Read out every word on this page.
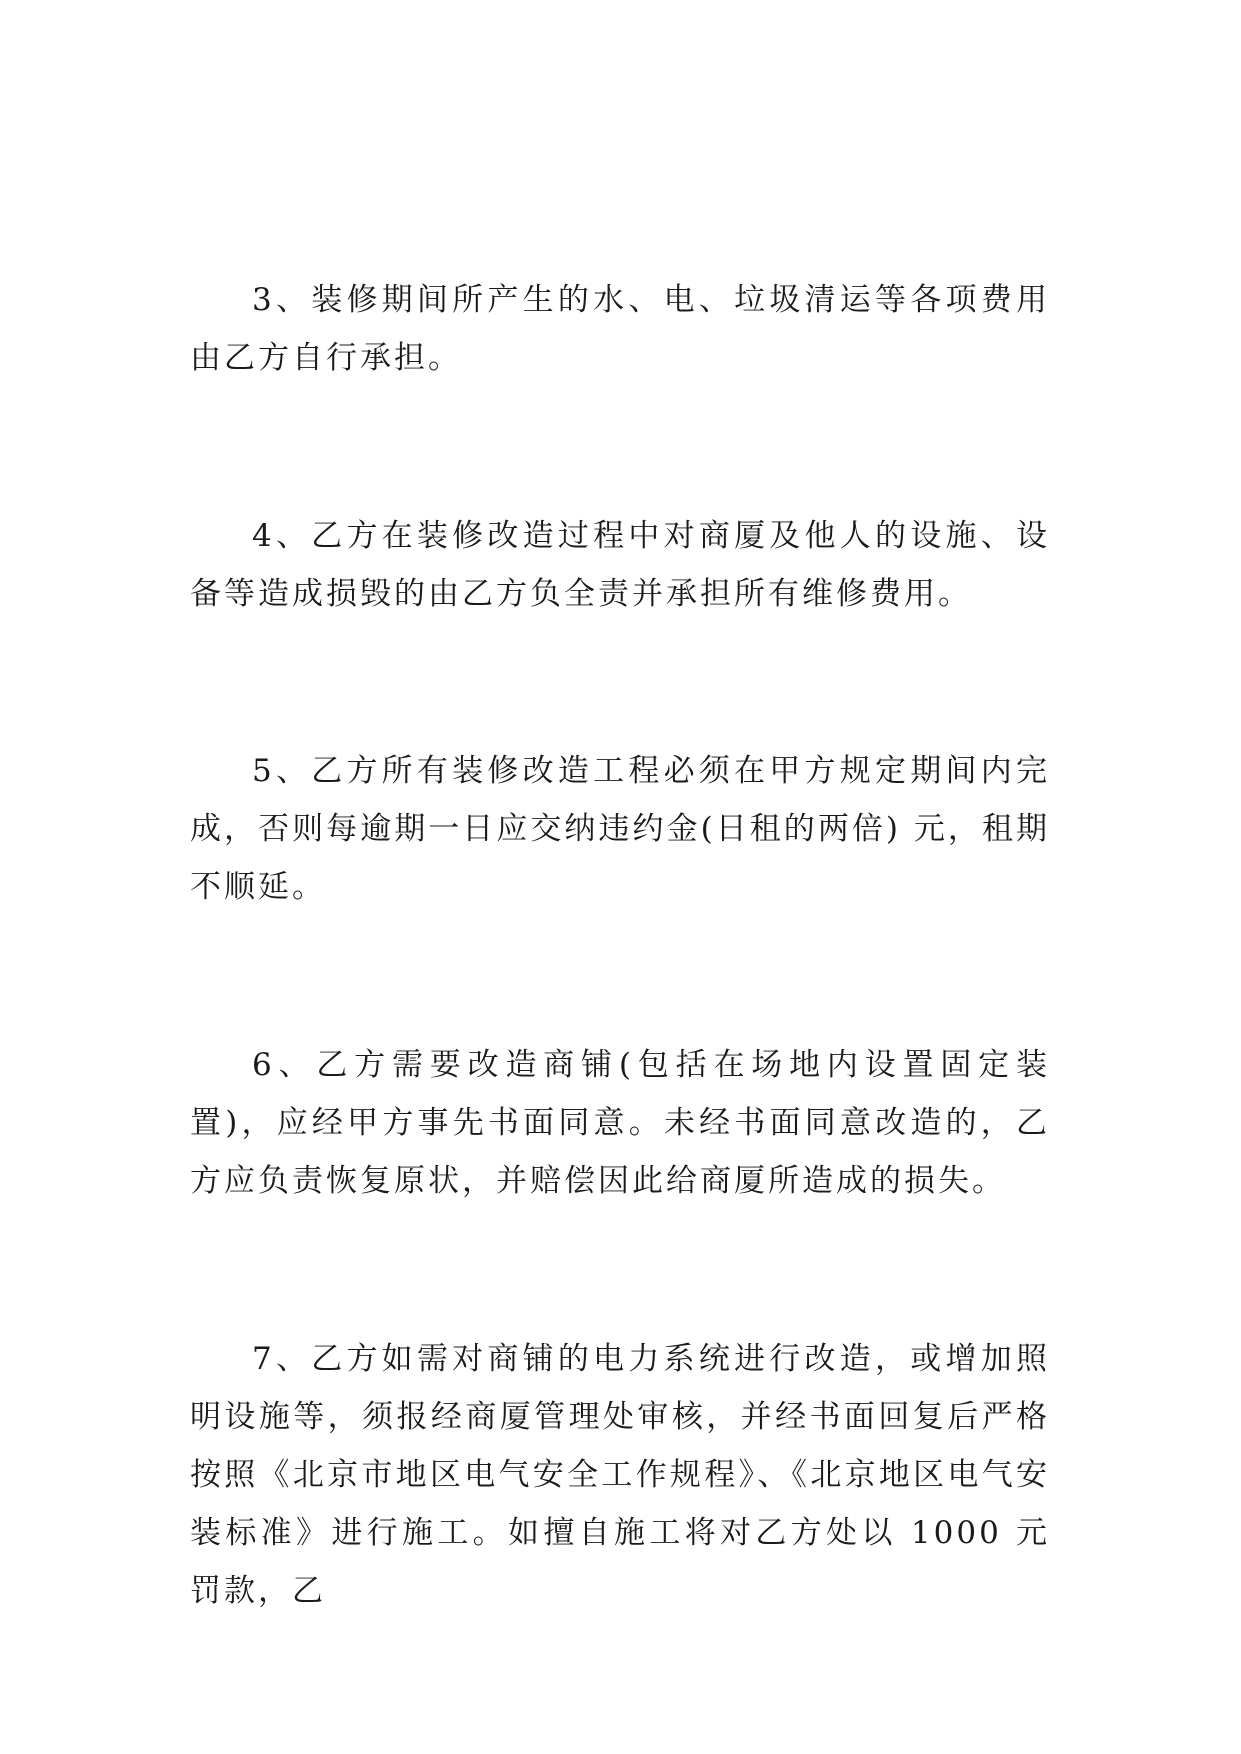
3、装修期间所产生的水、电、垃圾清运等各项费用由乙方自行承担。

4、乙方在装修改造过程中对商厦及他人的设施、设备等造成损毁的由乙方负全责并承担所有维修费用。

5、乙方所有装修改造工程必须在甲方规定期间内完成，否则每逾期一日应交纳违约金(日租的两倍) 元，租期不顺延。

6、乙方需要改造商铺(包括在场地内设置固定装置)，应经甲方事先书面同意。未经书面同意改造的，乙方应负责恢复原状，并赔偿因此给商厦所造成的损失。

7、乙方如需对商铺的电力系统进行改造，或增加照明设施等，须报经商厦管理处审核，并经书面回复后严格按照《北京市地区电气安全工作规程》、《北京地区电气安装标准》进行施工。如擅自施工将对乙方处以 1000 元罚款，乙
